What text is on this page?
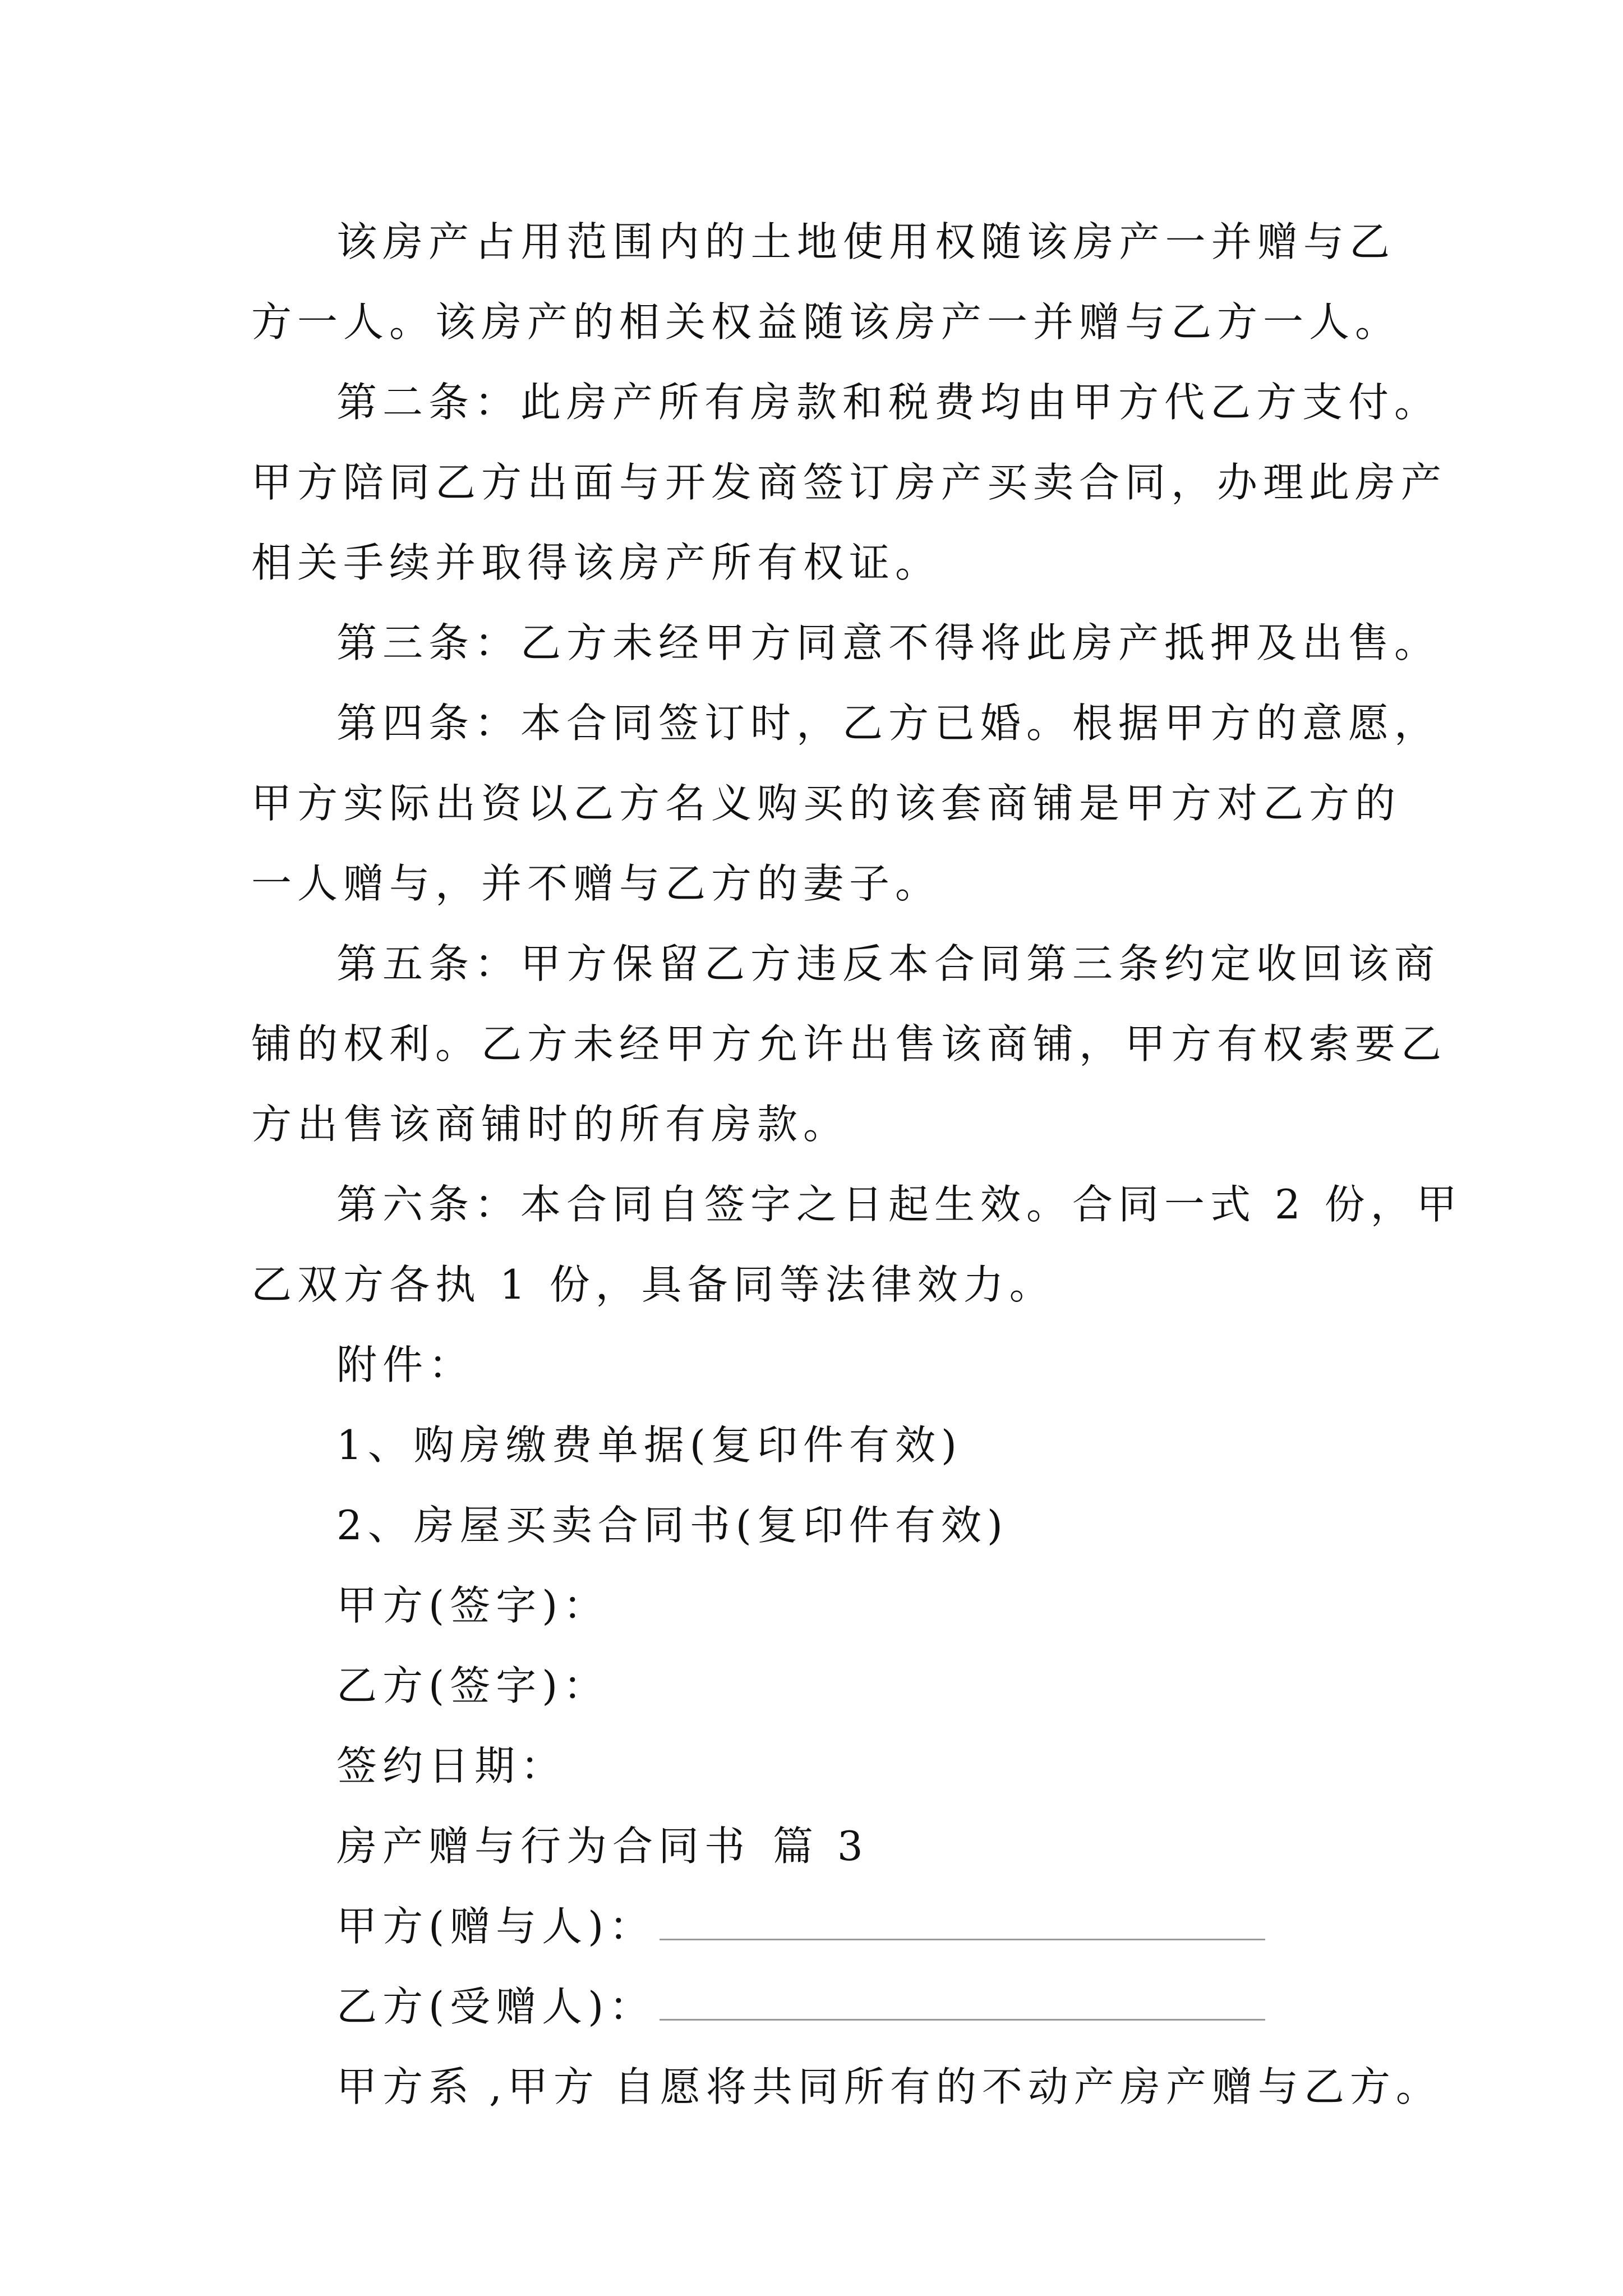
该房产占用范围内的土地使用权随该房产一并赠与乙
方一人。该房产的相关权益随该房产一并赠与乙方一人。
第二条：此房产所有房款和税费均由甲方代乙方支付。
甲方陪同乙方出面与开发商签订房产买卖合同，办理此房产
相关手续并取得该房产所有权证。
第三条：乙方未经甲方同意不得将此房产抵押及出售。
第四条：本合同签订时，乙方已婚。根据甲方的意愿，
甲方实际出资以乙方名义购买的该套商铺是甲方对乙方的
一人赠与，并不赠与乙方的妻子。
第五条：甲方保留乙方违反本合同第三条约定收回该商
铺的权利。乙方未经甲方允许出售该商铺，甲方有权索要乙
方出售该商铺时的所有房款。
第六条：本合同自签字之日起生效。合同一式 2 份，甲
乙双方各执 1 份，具备同等法律效力。
附件：
1、购房缴费单据(复印件有效)
2、房屋买卖合同书(复印件有效)
甲方(签字)：
乙方(签字)：
签约日期：
房产赠与行为合同书 篇 3
甲方(赠与人)：
乙方(受赠人)：
甲方系 ,甲方 自愿将共同所有的不动产房产赠与乙方。
